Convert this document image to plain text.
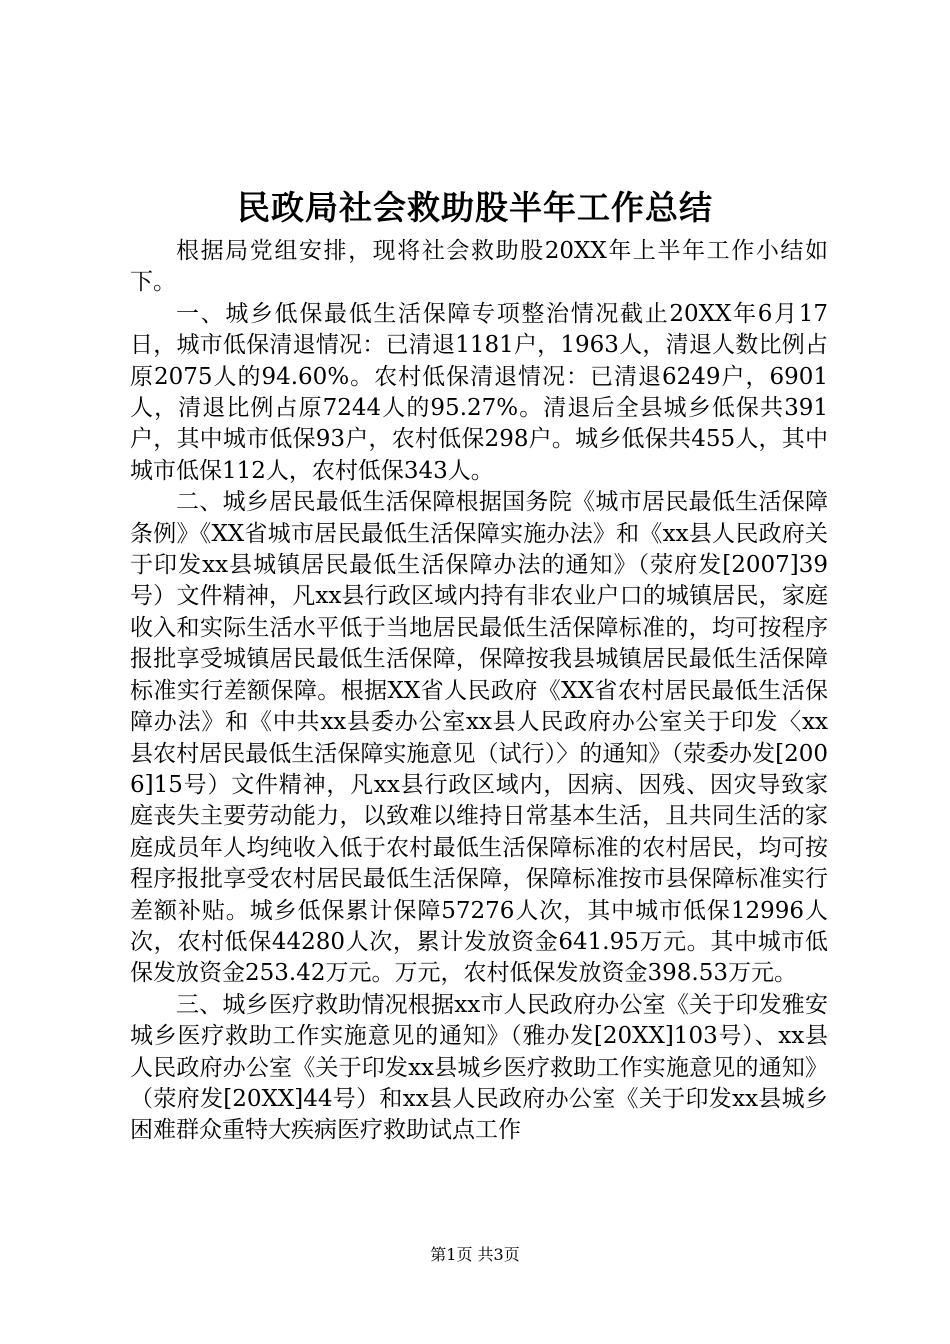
民政局社会救助股半年工作总结

根据局党组安排，现将社会救助股20XX年上半年工作小结如下。

一、城乡低保最低生活保障专项整治情况截止20XX年6月17日，城市低保清退情况：已清退1181户，1963人，清退人数比例占原2075人的94.60%。农村低保清退情况：已清退6249户，6901人，清退比例占原7244人的95.27%。清退后全县城乡低保共391户，其中城市低保93户，农村低保298户。城乡低保共455人，其中城市低保112人，农村低保343人。

二、城乡居民最低生活保障根据国务院《城市居民最低生活保障条例》《XX省城市居民最低生活保障实施办法》和《xx县人民政府关于印发xx县城镇居民最低生活保障办法的通知》（荥府发[2007]39号）文件精神，凡xx县行政区域内持有非农业户口的城镇居民，家庭收入和实际生活水平低于当地居民最低生活保障标准的，均可按程序报批享受城镇居民最低生活保障，保障按我县城镇居民最低生活保障标准实行差额保障。根据XX省人民政府《XX省农村居民最低生活保障办法》和《中共xx县委办公室xx县人民政府办公室关于印发〈xx县农村居民最低生活保障实施意见（试行）〉的通知》（荥委办发[2006]15号）文件精神，凡xx县行政区域内，因病、因残、因灾导致家庭丧失主要劳动能力，以致难以维持日常基本生活，且共同生活的家庭成员年人均纯收入低于农村最低生活保障标准的农村居民，均可按程序报批享受农村居民最低生活保障，保障标准按市县保障标准实行差额补贴。城乡低保累计保障57276人次，其中城市低保12996人次，农村低保44280人次，累计发放资金641.95万元。其中城市低保发放资金253.42万元。万元，农村低保发放资金398.53万元。

三、城乡医疗救助情况根据xx市人民政府办公室《关于印发雅安城乡医疗救助工作实施意见的通知》（雅办发[20XX]103号）、xx县人民政府办公室《关于印发xx县城乡医疗救助工作实施意见的通知》（荥府发[20XX]44号）和xx县人民政府办公室《关于印发xx县城乡困难群众重特大疾病医疗救助试点工作

第1页 共3页
